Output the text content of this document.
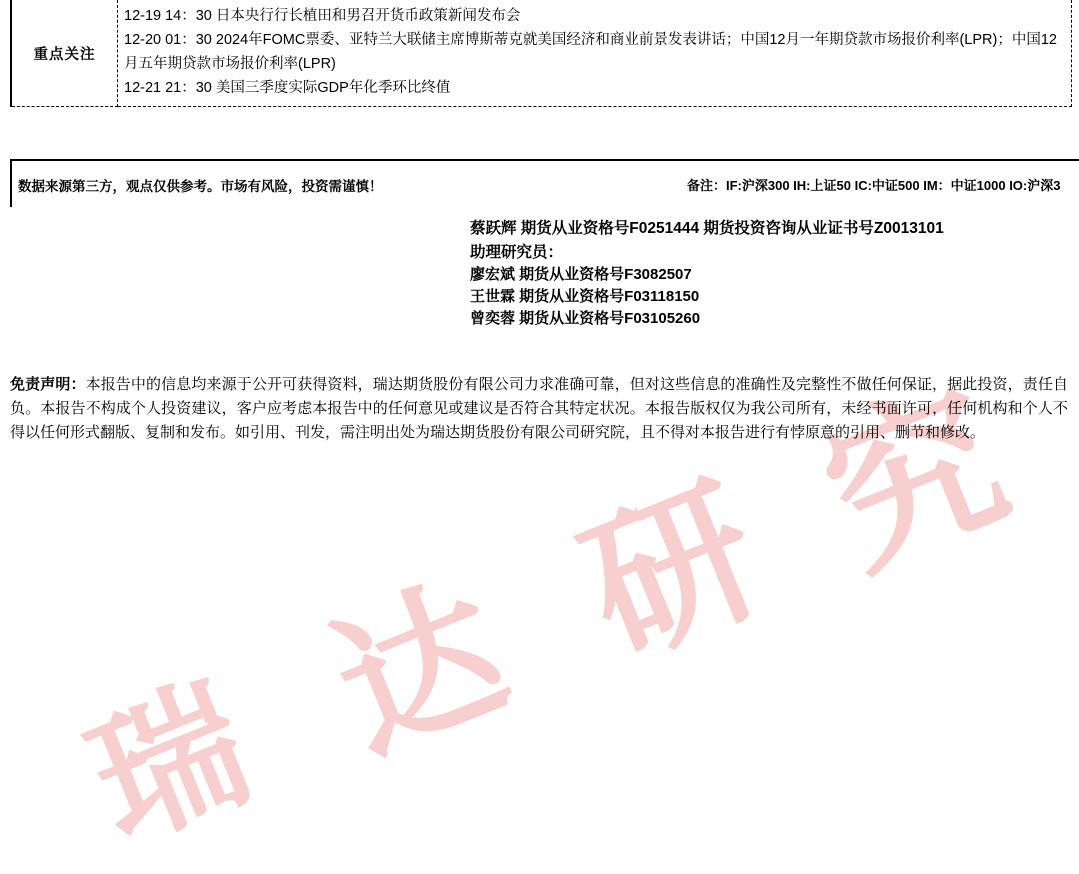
瑞 达 研 究
重点关注	
12-19 14：30 日本央行行长植田和男召开货币政策新闻发布会
12-20 01：30 2024年FOMC票委、亚特兰大联储主席博斯蒂克就美国经济和商业前景发表讲话；中国12月一年期贷款市场报价利率(LPR)；中国12月五年期贷款市场报价利率(LPR)
12-21 21：30 美国三季度实际GDP年化季环比终值
数据来源第三方，观点仅供参考。市场有风险，投资需谨慎！	备注：IF:沪深300 IH:上证50 IC:中证500 IM：中证1000 IO:沪深3
蔡跃辉 期货从业资格号F0251444 期货投资咨询从业证书号Z0013101
助理研究员：
廖宏斌 期货从业资格号F3082507
王世霖 期货从业资格号F03118150
曾奕蓉 期货从业资格号F03105260
免责声明：本报告中的信息均来源于公开可获得资料，瑞达期货股份有限公司力求准确可靠，但对这些信息的准确性及完整性不做任何保证，据此投资，责任自负。本报告不构成个人投资建议，客户应考虑本报告中的任何意见或建议是否符合其特定状况。本报告版权仅为我公司所有，未经书面许可，任何机构和个人不得以任何形式翻版、复制和发布。如引用、刊发，需注明出处为瑞达期货股份有限公司研究院，且不得对本报告进行有悖原意的引用、删节和修改。
